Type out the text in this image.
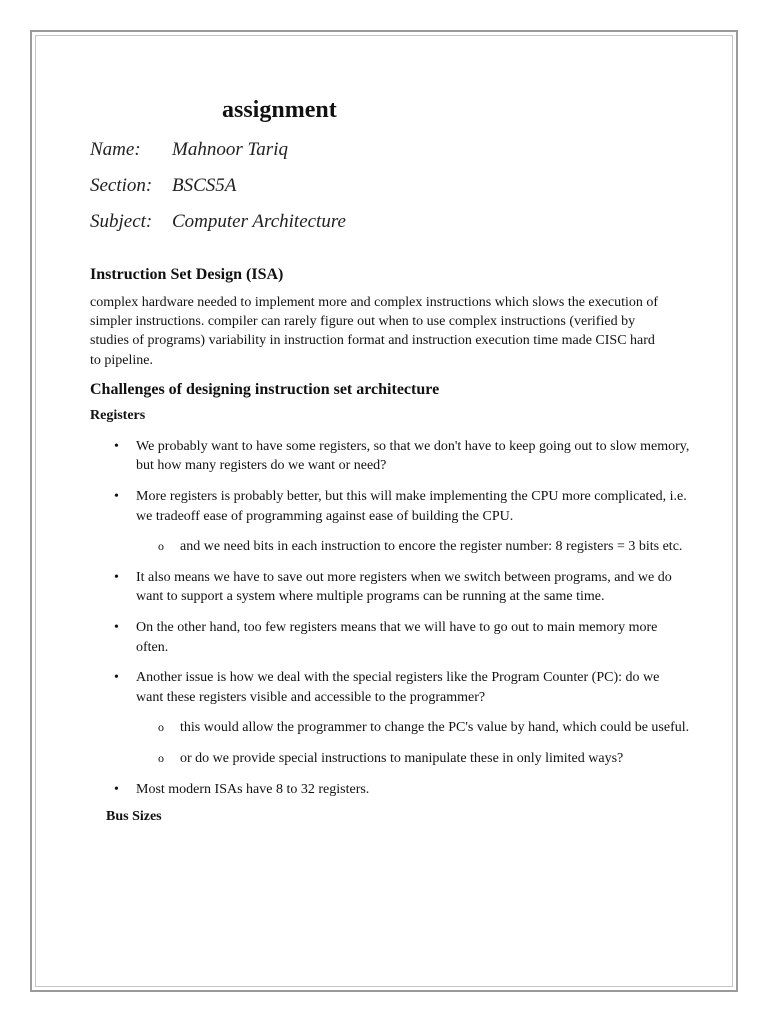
assignment
Name: Mahnoor Tariq
Section: BSCS5A
Subject: Computer Architecture
Instruction Set Design (ISA)

complex hardware needed to implement more and complex instructions which slows the execution of simpler instructions. compiler can rarely figure out when to use complex instructions (verified by studies of programs) variability in instruction format and instruction execution time made CISC hard to pipeline.

Challenges of designing instruction set architecture
Registers
• We probably want to have some registers, so that we don't have to keep going out to slow memory, but how many registers do we want or need?
• More registers is probably better, but this will make implementing the CPU more complicated, i.e. we tradeoff ease of programming against ease of building the CPU.
o and we need bits in each instruction to encore the register number: 8 registers = 3 bits etc.
• It also means we have to save out more registers when we switch between programs, and we do want to support a system where multiple programs can be running at the same time.
• On the other hand, too few registers means that we will have to go out to main memory more often.
• Another issue is how we deal with the special registers like the Program Counter (PC): do we want these registers visible and accessible to the programmer?
o this would allow the programmer to change the PC's value by hand, which could be useful.
o or do we provide special instructions to manipulate these in only limited ways?
• Most modern ISAs have 8 to 32 registers.
Bus Sizes
